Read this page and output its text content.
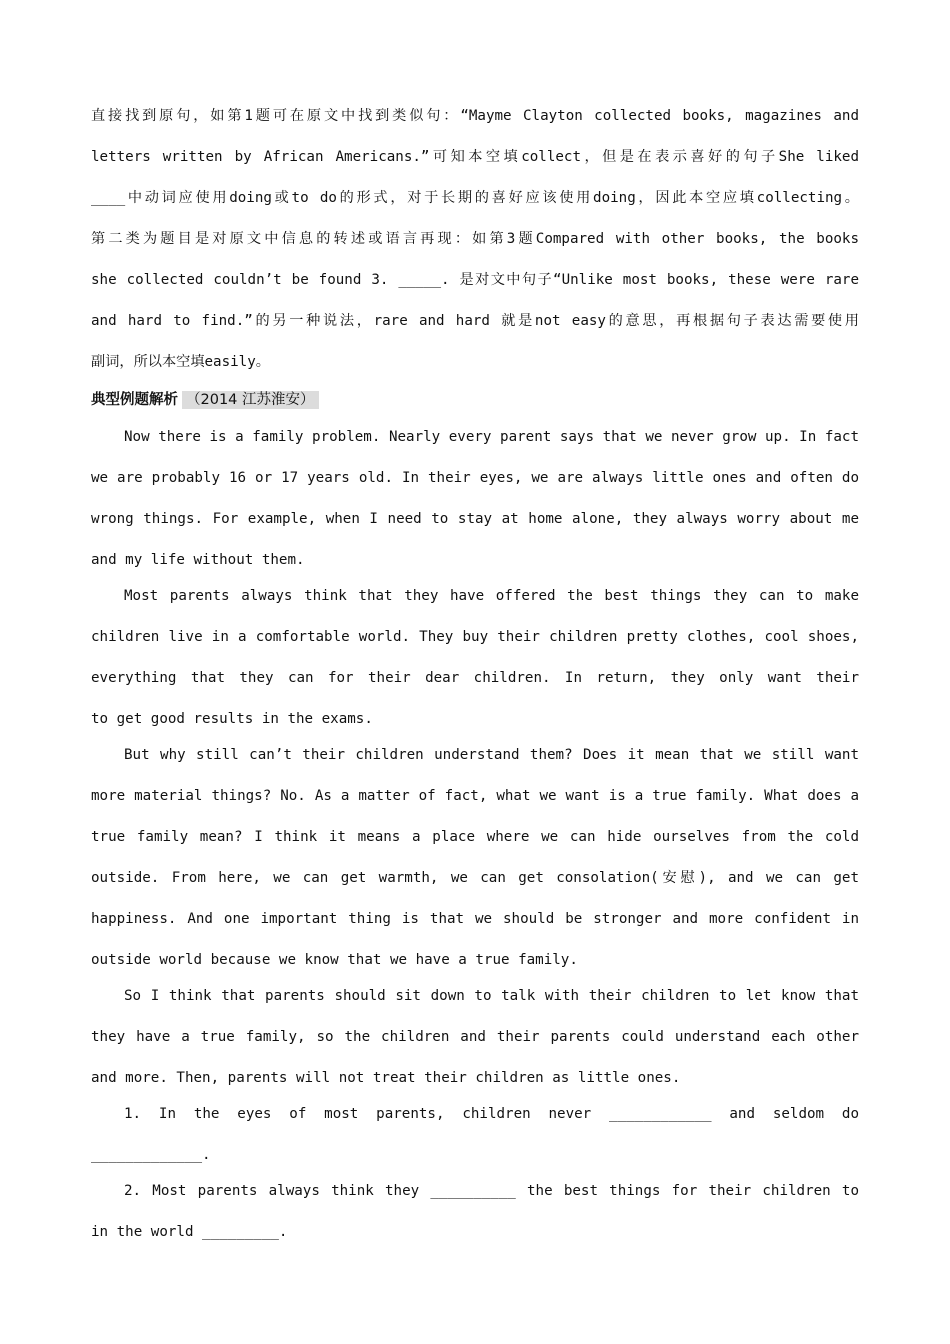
直接找到原句，如第1题可在原文中找到类似句：“Mayme Clayton collected books, magazines and
letters written by African Americans.”可知本空填collect，但是在表示喜好的句子She liked
____中动词应使用doing或to do的形式，对于长期的喜好应该使用doing，因此本空应填collecting。
第二类为题目是对原文中信息的转述或语言再现：如第3题Compared with other books, the books
she collected couldn’t be found 3. _____. 是对文中句子“Unlike most books, these were rare
and hard to find.”的另一种说法，rare and hard 就是not easy的意思，再根据句子表达需要使用
副词，所以本空填easily。
典型例题解析 （2014 江苏淮安）
Now there is a family problem. Nearly every parent says that we never grow up. In fact
we are probably 16 or 17 years old. In their eyes, we are always little ones and often do
wrong things. For example, when I need to stay at home alone, they always worry about me
and my life without them.
Most parents always think that they have offered the best things they can to make
children live in a comfortable world. They buy their children pretty clothes, cool shoes,
everything that they can for their dear children. In return, they only want their
to get good results in the exams.
But why still can’t their children understand them? Does it mean that we still want
more material things? No. As a matter of fact, what we want is a true family. What does a
true family mean? I think it means a place where we can hide ourselves from the cold
outside. From here, we can get warmth, we can get consolation(安慰), and we can get
happiness. And one important thing is that we should be stronger and more confident in
outside world because we know that we have a true family.
So I think that parents should sit down to talk with their children to let know that
they have a true family, so the children and their parents could understand each other
and more. Then, parents will not treat their children as little ones.
1. In the eyes of most parents, children never ____________ and seldom do
_____________.
2. Most parents always think they __________ the best things for their children to
in the world _________.
